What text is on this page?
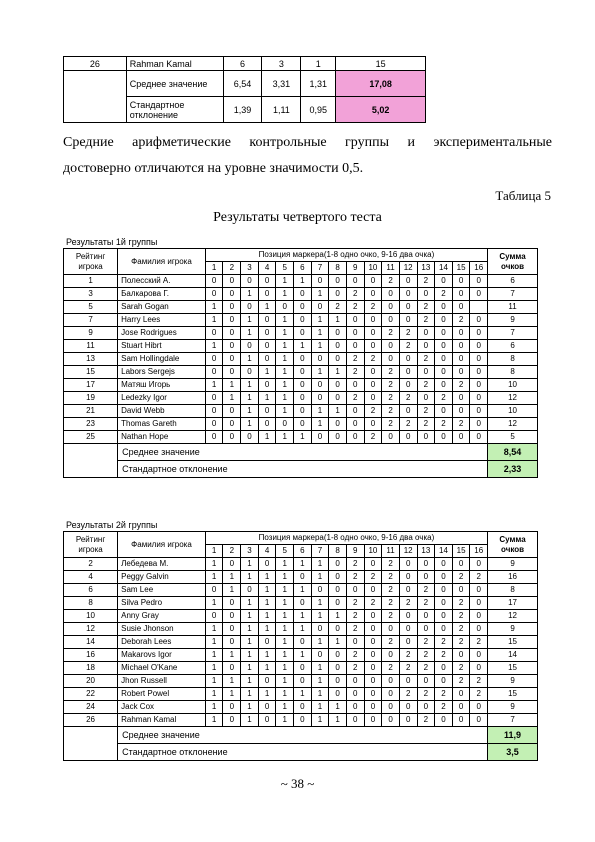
26	Rahman Kamal	6	3	1	15
	Среднее значение	6,54	3,31	1,31	17,08
	Стандартное отклонение	1,39	1,11	0,95	5,02
Средние арифметические контрольные группы и экспериментальные
достоверно отличаются на уровне значимости 0,5.
Таблица 5
Результаты четвертого теста
Результаты 1й группы
Рейтинг игрока	Фамилия игрока	Позиция маркера(1-8 одно очко, 9-16 два очка)																Сумма очков
		1	2	3	4	5	6	7	8	9	10	11	12	13	14	15	16	
1	Полесский А.	0	0	0	0	1	1	0	0	0	0	2	0	2	0	0	0	6
3	Балкарова Г.	0	0	1	0	1	0	1	0	2	0	0	0	0	2	0	0	7
5	Sarah Gogan	1	0	0	1	0	0	0	2	2	2	0	0	2	0	0		11
7	Harry Lees	1	0	1	0	1	0	1	1	0	0	0	0	2	0	2	0	9
9	Jose Rodrigues	0	0	1	0	1	0	1	0	0	0	2	2	0	0	0	0	7
11	Stuart Hibrt	1	0	0	0	1	1	1	0	0	0	0	2	0	0	0	0	6
13	Sam Hollingdale	0	0	1	0	1	0	0	0	2	2	0	0	2	0	0	0	8
15	Labors Sergejs	0	0	0	1	1	0	1	1	2	0	2	0	0	0	0	0	8
17	Матяш Игорь	1	1	1	0	1	0	0	0	0	0	2	0	2	0	2	0	10
19	Ledezky Igor	0	1	1	1	1	0	0	0	2	0	2	2	0	2	0	0	12
21	David Webb	0	0	1	0	1	0	1	1	0	2	2	0	2	0	0	0	10
23	Thomas Gareth	0	0	1	0	0	0	1	0	0	0	2	2	2	2	2	0	12
25	Nathan Hope	0	0	0	1	1	1	0	0	0	2	0	0	0	0	0	0	5
	Среднее значение																	8,54
	Стандартное отклонение																	2,33
Результаты 2й группы
Рейтинг игрока	Фамилия игрока	Позиция маркера(1-8 одно очко, 9-16 два очка)																Сумма очков
		1	2	3	4	5	6	7	8	9	10	11	12	13	14	15	16	
2	Лебедева М.	1	0	1	0	1	1	1	0	2	0	2	0	0	0	0	0	9
4	Peggy Galvin	1	1	1	1	1	0	1	0	2	2	2	0	0	0	2	2	16
6	Sam Lee	0	1	0	1	1	1	0	0	0	0	2	0	2	0	0	0	8
8	Silva Pedro	1	0	1	1	1	0	1	0	2	2	2	2	2	0	2	0	17
10	Anny Gray	0	0	1	1	1	1	1	1	2	0	2	0	0	0	2	0	12
12	Susie Jhonson	1	0	1	1	1	1	0	0	2	0	0	0	0	0	2	0	9
14	Deborah Lees	1	0	1	0	1	0	1	1	0	0	2	0	2	2	2	2	15
16	Makarovs Igor	1	1	1	1	1	1	0	0	2	0	0	2	2	2	0	0	14
18	Michael O'Kane	1	0	1	1	1	0	1	0	2	0	2	2	2	0	2	0	15
20	Jhon Russell	1	1	1	0	1	0	1	0	0	0	0	0	0	0	2	2	9
22	Robert Powel	1	1	1	1	1	1	1	0	0	0	0	2	2	2	0	2	15
24	Jack Cox	1	0	1	0	1	0	1	1	0	0	0	0	0	2	0	0	9
26	Rahman Kamal	1	0	1	0	1	0	1	1	0	0	0	0	2	0	0	0	7
	Среднее значение																	11,9
	Стандартное отклонение																	3,5
~ 38 ~
